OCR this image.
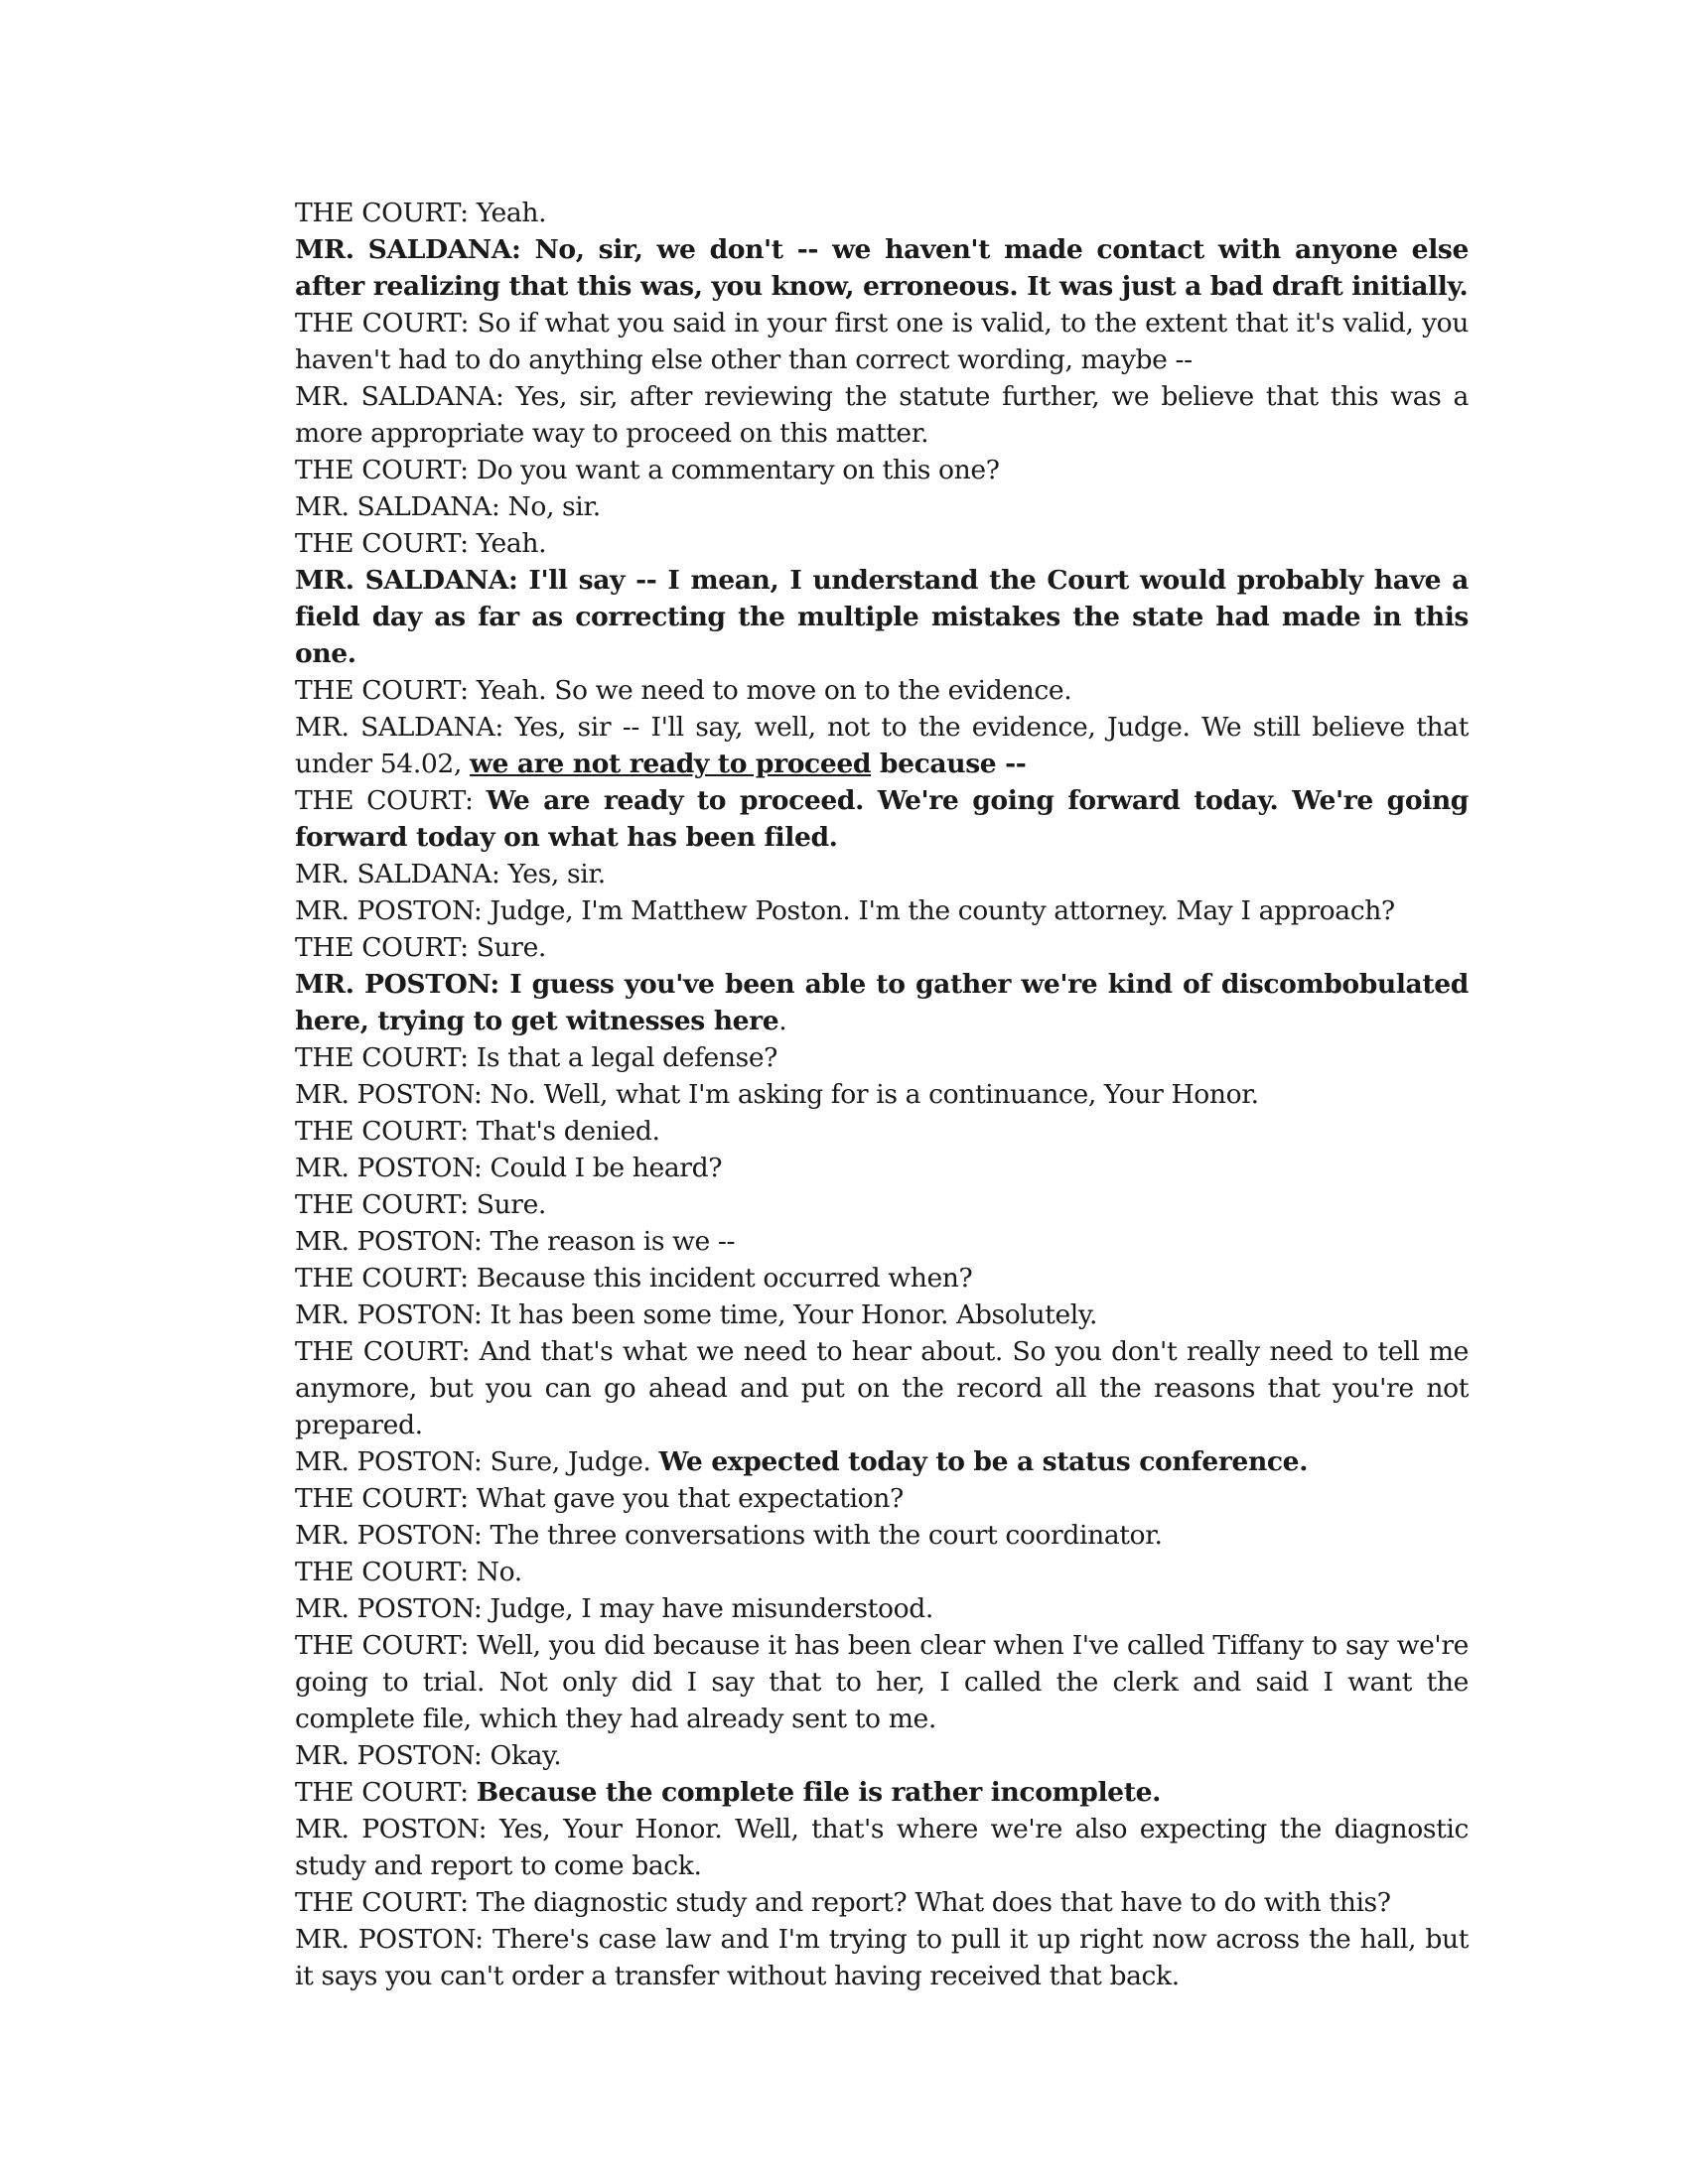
THE COURT: Yeah.

MR. SALDANA: No, sir, we don't -- we haven't made contact with anyone else after realizing that this was, you know, erroneous. It was just a bad draft initially.

THE COURT: So if what you said in your first one is valid, to the extent that it's valid, you haven't had to do anything else other than correct wording, maybe --

MR. SALDANA: Yes, sir, after reviewing the statute further, we believe that this was a more appropriate way to proceed on this matter.

THE COURT: Do you want a commentary on this one?

MR. SALDANA: No, sir.

THE COURT: Yeah.

MR. SALDANA: I'll say -- I mean, I understand the Court would probably have a field day as far as correcting the multiple mistakes the state had made in this one.

THE COURT: Yeah. So we need to move on to the evidence.

MR. SALDANA: Yes, sir -- I'll say, well, not to the evidence, Judge. We still believe that under 54.02, we are not ready to proceed because --

THE COURT: We are ready to proceed. We're going forward today. We're going forward today on what has been filed.

MR. SALDANA: Yes, sir.

MR. POSTON: Judge, I'm Matthew Poston. I'm the county attorney. May I approach?

THE COURT: Sure.

MR. POSTON: I guess you've been able to gather we're kind of discombobulated here, trying to get witnesses here.

THE COURT: Is that a legal defense?

MR. POSTON: No. Well, what I'm asking for is a continuance, Your Honor.

THE COURT: That's denied.

MR. POSTON: Could I be heard?

THE COURT: Sure.

MR. POSTON: The reason is we --

THE COURT: Because this incident occurred when?

MR. POSTON: It has been some time, Your Honor. Absolutely.

THE COURT: And that's what we need to hear about. So you don't really need to tell me anymore, but you can go ahead and put on the record all the reasons that you're not prepared.

MR. POSTON: Sure, Judge. We expected today to be a status conference.

THE COURT: What gave you that expectation?

MR. POSTON: The three conversations with the court coordinator.

THE COURT: No.

MR. POSTON: Judge, I may have misunderstood.

THE COURT: Well, you did because it has been clear when I've called Tiffany to say we're going to trial. Not only did I say that to her, I called the clerk and said I want the complete file, which they had already sent to me.

MR. POSTON: Okay.

THE COURT: Because the complete file is rather incomplete.

MR. POSTON: Yes, Your Honor. Well, that's where we're also expecting the diagnostic study and report to come back.

THE COURT: The diagnostic study and report? What does that have to do with this?

MR. POSTON: There's case law and I'm trying to pull it up right now across the hall, but it says you can't order a transfer without having received that back.
